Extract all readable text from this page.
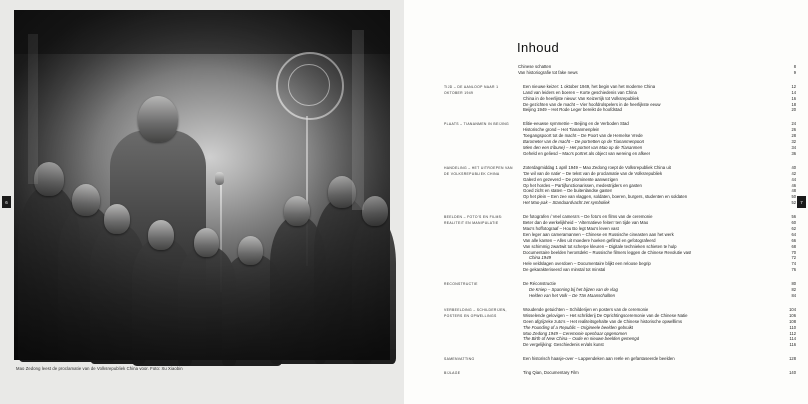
Mao Zedong leest de proclamatie van de Volksrepubliek China voor. Foto: Xu Xiaobin
6
Inhoud
Chinese schatten	8
Van historiografie tot fake news	9
TIJD – DE AANLOOP NAAR 1 OKTOBER 1949
Een nieuwe keizer: 1 oktober 1949, het begin van het moderne China	12
Land van leiders en boeren – Korte geschiedenis van China	14
China in de heerlijste nieuw: Van Keizerrijk tot Volksrepubliek	16
De gezichten van de macht – Vier hoofdrolspelers in de heerlijkste eeuw	18
Beijing 1949 – Het Rode Leger bereikt de hoofdstad	20
PLAATS – TIANANMEN IN BEIJING	Elitie-eeuwse symmetrie – Beijing en de Verboden Stad	24
Historische grond – Het Tiananmenplein	26
Toegangspoort tot de macht – De Poort van de Hemelse Vrede	28
Barometer van de macht – De portretten op de Tiananmenpoort	32
Mien den een tribune) – Het portret van Mao op de Tiananmen	34
Geheld en geliesd – Mao’s portret als object van wereing en afkeer	36
HANDELING – HET UITROEPEN VAN DE VOLKSREPUBLIEK CHINA
Zoterdagmiddag 1 april 1949 – Mao Zedong roept de Volksrepubliek China uit	40
‘De wil van de natie’ – De tekst van de proclamatie van de Volksrepubliek	42
Galerd en gezeverd – De prominente aanwezigen	44
Op het hordes – Partijfunctionarissen, medestrijders en gasten	46
Goed zicht en staten – De buitenlandse gasten	48
Op het plein – Een zee van vlaggen, soldaten, boeren, burgers, studenten en soldaten	50
Het Mao-pak – Standaardvacht zet symboliek	52
BEELDEN – FOTO’S EN FILMS: REALITEIT EN MANIPULATIE
De fotografen / Veel camera’s – De foto’s en films van de ceremonie	56
Beter dan de werkelijkheid – ‘Alternatieve feiten’ ten tijde van Mao	60
Mao’s hoffotograaf – Hou Bo legt Mao’s leven vast	62
Een leger aan cameramannen – Chinese en Russische cineasten aan het werk	64
Van alle kanten – Alles uit moedere hoeken gefilmd en gefotografeerd	66
Van schimmig zwartwit tot scherpe kleuren – Digitale technieken schieten te hulp	68
Documentaire beelden herontdekt – Russische filmers leggen de Chinese Revolutie vast	70
China 1949	72
Hele veldslagen overdoen – Documentaire blijkt een reloose begrip	74
De gekarakteriseerd van minstal tot minstal	76
RECONSTRUCTIE	De Réconstructie	80
De Kniep – Spanning bij het bijzen van de vlag	82
Helden van het Volk – De Tän Maanschallten	84
VERBEELDING – SCHILDERIJEN, POSTERS EN OPWELLINGS
Woudende getuichten – Schilderijen en posters van de ceremonie	104
Wisselende gelovigen – Het schrilderij De Oprichtingsceremonie van de Chinese Natie	106
Geen afgrijzeke zuto’s – Het realiteitsgehalte van de Chinese historische opwelllims	108
The Founding of a Republic – Origineele beelden gebruikt	110
Mao Zedong 1949 – Ceremonie openbaar opgenomen	112
The Birth of New China – Oude en nieuwe beelden gemengd	114
De vergelijking: Geschiedenis en/als kunst	116
SAMENVATTING	Een historisch haasje-over – Lappendeken aan reële en gefantaseerde beelden	128
BIJLAGE	Ting Qian, Documentary Film	140
7
